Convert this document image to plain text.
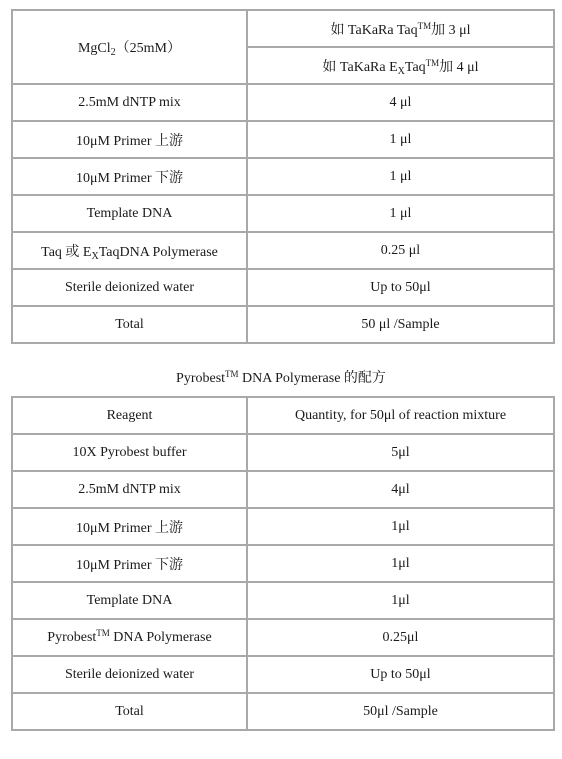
MgCl$_2$（25mM）	如 TaKaRa Taq™加 3 μl
	如 TaKaRa $E_XTaq™$加 4 μl
2.5mM dNTP mix	4 μl
10μM Primer 上游	1 μl
10μM Primer 下游	1 μl
Template DNA	1 μl
Taq 或 $E_XTaqDNA$ Polymerase	0.25 μl
Sterile deionized water	Up to 50μl
Total	50 μl /Sample
Pyrobest™ DNA Polymerase 的配方
Reagent	Quantity, for 50μl of reaction mixture
10X Pyrobest buffer	5μl
2.5mM dNTP mix	4μl
10μM Primer 上游	1μl
10μM Primer 下游	1μl
Template DNA	1μl
Pyrobest™ DNA Polymerase	0.25μl
Sterile deionized water	Up to 50μl
Total	50μl /Sample
